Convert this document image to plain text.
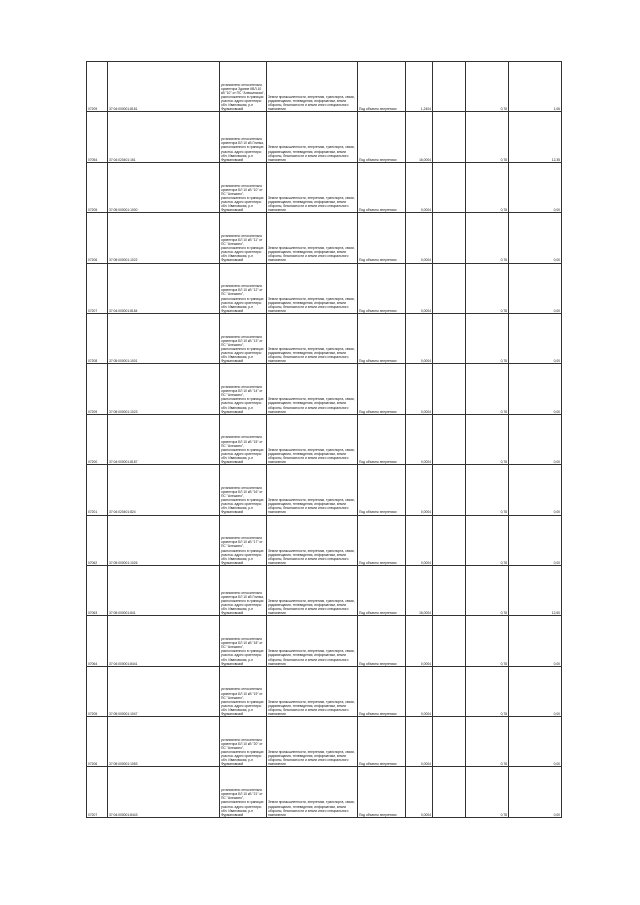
07209	37:04:000001:8181	установлено относительно ориентира Здание КВЛ-10 кВ "10" от ПС "Алешинская", расположенного в границах участка. адрес ориентира: обл. Ивановская, р-н Фурмановский	Земли промышленности, энергетики, транспорта, связи, радиовещания, телевидения, информатики, земли обороны, безопасности и земли иного специального назначения	Под объекты энергетики	1,2404		0,78	1,06
07054	37:04:020401:161	установлено относительно ориентира БЛ 10 кВ Глинка, расположенного в границах участка. адрес ориентира: обл. Ивановская, р-н Фурмановский	Земли промышленности, энергетики, транспорта, связи, радиовещания, телевидения, информатики, земли обороны, безопасности и земли иного специального назначения	Под объекты энергетики	16,0004		0,78	12,35
07205	37:05:000001:1000	установлено относительно ориентира БЛ 10 кВ "10" от ПС "Алешино", расположенного в границах участка. адрес ориентира: обл. Ивановская, р-н Фурмановский	Земли промышленности, энергетики, транспорта, связи, радиовещания, телевидения, информатики, земли обороны, безопасности и земли иного специального назначения	Под объекты энергетики	0,0004		0,78	0,00
07206	37:05:000001:1022	установлено относительно ориентира БЛ 10 кВ "11" от ПС "Алешино", расположенного в границах участка. адрес ориентира: обл. Ивановская, р-н Фурмановский	Земли промышленности, энергетики, транспорта, связи, радиовещания, телевидения, информатики, земли обороны, безопасности и земли иного специального назначения	Под объекты энергетики	0,0004		0,78	0,00
07207	37:04:000001:8184	установлено относительно ориентира БЛ 10 кВ "12" от ПС "Алешино", расположенного в границах участка. адрес ориентира: обл. Ивановская, р-н Фурмановский	Земли промышленности, энергетики, транспорта, связи, радиовещания, телевидения, информатики, земли обороны, безопасности и земли иного специального назначения	Под объекты энергетики	0,0004		0,78	0,00
07208	37:05:000001:1001	установлено относительно ориентира БЛ 10 кВ "13" от ПС "Алешино", расположенного в границах участка. адрес ориентира: обл. Ивановская, р-н Фурмановский	Земли промышленности, энергетики, транспорта, связи, радиовещания, телевидения, информатики, земли обороны, безопасности и земли иного специального назначения	Под объекты энергетики	0,0004		0,78	0,00
07209	37:05:000001:1023	установлено относительно ориентира БЛ 10 кВ "14" от ПС "Алешино", расположенного в границах участка. адрес ориентира: обл. Ивановская, р-н Фурмановский	Земли промышленности, энергетики, транспорта, связи, радиовещания, телевидения, информатики, земли обороны, безопасности и земли иного специального назначения	Под объекты энергетики	0,0004		0,78	0,00
07200	37:04:000001:8187	установлено относительно ориентира БЛ 10 кВ "15" от ПС "Алешино", расположенного в границах участка. адрес ориентира: обл. Ивановская, р-н Фурмановский	Земли промышленности, энергетики, транспорта, связи, радиовещания, телевидения, информатики, земли обороны, безопасности и земли иного специального назначения	Под объекты энергетики	0,0004		0,78	0,00
07201	37:04:020401:824	установлено относительно ориентира БЛ 10 кВ "16" от ПС "Алешино", расположенного в границах участка. адрес ориентира: обл. Ивановская, р-н Фурмановский	Земли промышленности, энергетики, транспорта, связи, радиовещания, телевидения, информатики, земли обороны, безопасности и земли иного специального назначения	Под объекты энергетики	0,0004		0,78	0,00
07062	37:05:000001:1026	установлено относительно ориентира БЛ 10 кВ "17" от ПС "Алешино", расположенного в границах участка. адрес ориентира: обл. Ивановская, р-н Фурмановский	Земли промышленности, энергетики, транспорта, связи, радиовещания, телевидения, информатики, земли обороны, безопасности и земли иного специального назначения	Под объекты энергетики	0,0004		0,78	0,00
07063	37:05:000001:841	установлено относительно ориентира БЛ 10 кВ Глинка, расположенного в границах участка. адрес ориентира: обл. Ивановская, р-н Фурмановский	Земли промышленности, энергетики, транспорта, связи, радиовещания, телевидения, информатики, земли обороны, безопасности и земли иного специального назначения	Под объекты энергетики	16,0004		0,78	12,60
07064	37:04:000001:8441	установлено относительно ориентира БЛ 10 кВ "18" от ПС "Алешино", расположенного в границах участка. адрес ориентира: обл. Ивановская, р-н Фурмановский	Земли промышленности, энергетики, транспорта, связи, радиовещания, телевидения, информатики, земли обороны, безопасности и земли иного специального назначения	Под объекты энергетики	0,0004		0,78	0,00
07205	37:05:000001:1047	установлено относительно ориентира БЛ 10 кВ "19" от ПС "Алешино", расположенного в границах участка. адрес ориентира: обл. Ивановская, р-н Фурмановский	Земли промышленности, энергетики, транспорта, связи, радиовещания, телевидения, информатики, земли обороны, безопасности и земли иного специального назначения	Под объекты энергетики	0,0004		0,78	0,00
07206	37:05:000001:1053	установлено относительно ориентира БЛ 10 кВ "20" от ПС "Алешино", расположенного в границах участка. адрес ориентира: обл. Ивановская, р-н Фурмановский	Земли промышленности, энергетики, транспорта, связи, радиовещания, телевидения, информатики, земли обороны, безопасности и земли иного специального назначения	Под объекты энергетики	0,0004		0,78	0,00
07207	37:04:000001:8443	установлено относительно ориентира БЛ 10 кВ "21" от ПС "Алешино", расположенного в границах участка. адрес ориентира: обл. Ивановская, р-н Фурмановский	Земли промышленности, энергетики, транспорта, связи, радиовещания, телевидения, информатики, земли обороны, безопасности и земли иного специального назначения	Под объекты энергетики	0,0004		0,78	0,00
